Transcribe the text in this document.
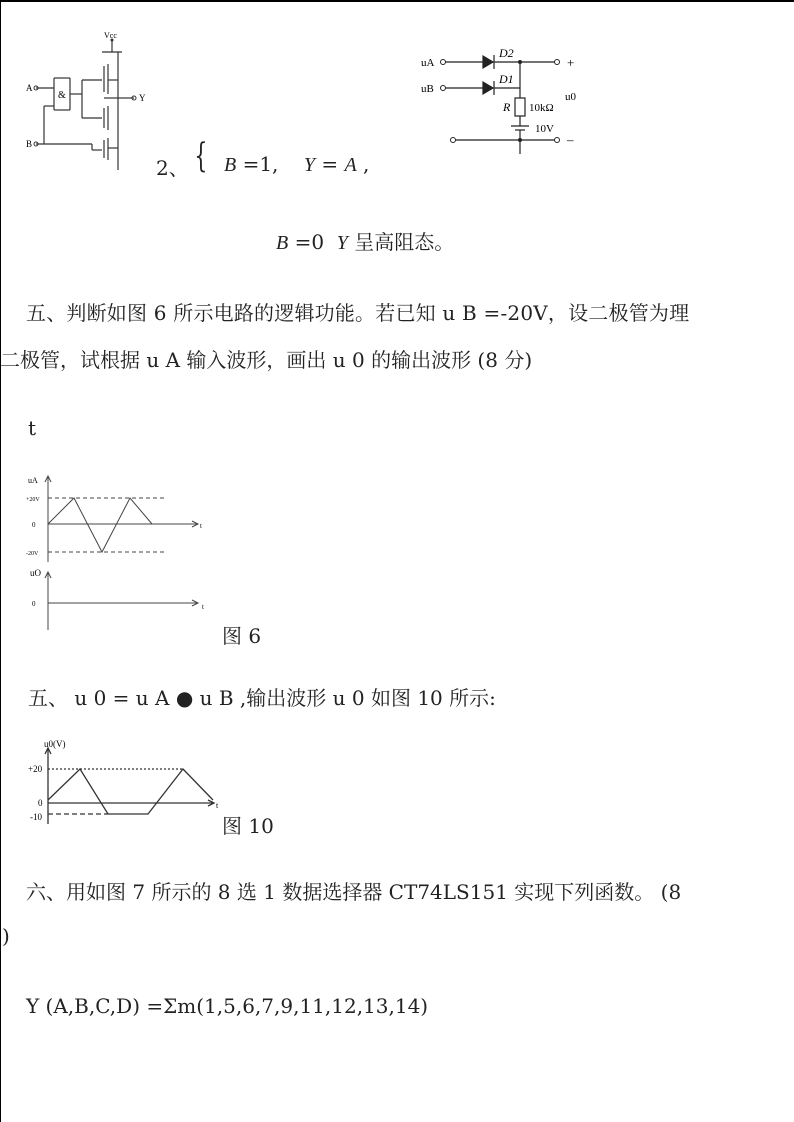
Vcc
A
B
Y
&
2、 { B =1, Y = A ,
uA
uB
D2
D1
R 10kΩ
u0
10V
+
–
B =0 Y 呈高阻态。
五、判断如图 6 所示电路的逻辑功能。若已知 u B =-20V，设二极管为理
二极管，试根据 u A 输入波形，画出 u 0 的输出波形 (8 分)
t
uA
+20V
0
-20V
t
uO
0	t
图 6
五、 u 0 = u A ● u B ,输出波形 u 0 如图 10 所示:
u0(V)
+20
0
-10
t
图 10
六、用如图 7 所示的 8 选 1 数据选择器 CT74LS151 实现下列函数。 (8
)
Y (A,B,C,D) =Σm(1,5,6,7,9,11,12,13,14)
